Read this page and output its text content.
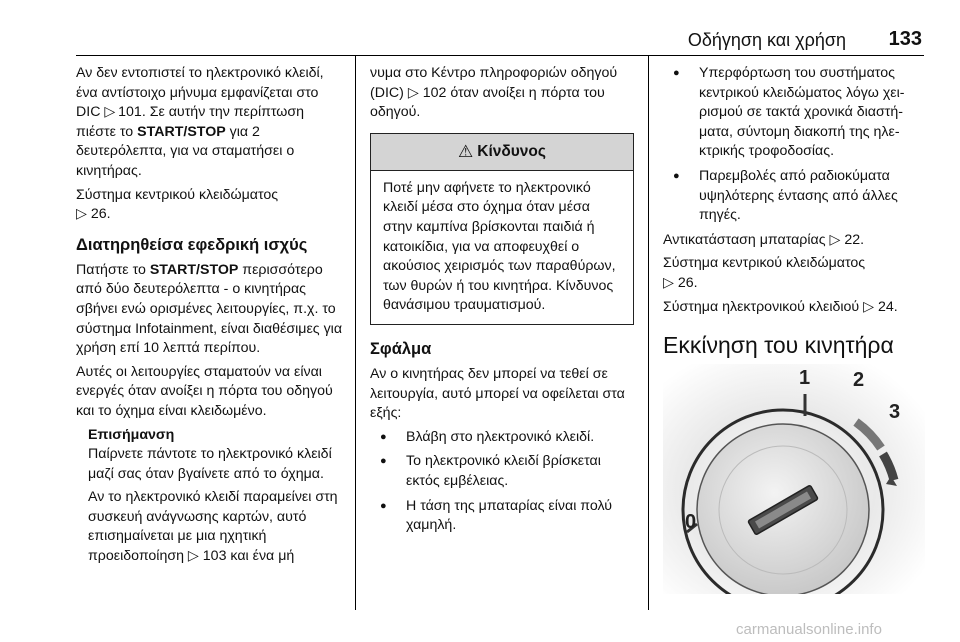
Οδήγηση και χρήση 133

Αν δεν εντοπιστεί το ηλεκτρονικό κλειδί, ένα αντίστοιχο μήνυμα εμφανίζεται στο DIC ▷  101. Σε αυτήν την περίπτωση πιέστε το START/STOP για 2 δευτερόλεπτα, για να σταματήσει ο κινητήρας.

Σύστημα κεντρικού κλειδώματος
▷ 26.

Διατηρηθείσα εφεδρική ισχύς

Πατήστε το START/STOP περισσότερο από δύο δευτερόλεπτα - ο κινητήρας σβήνει ενώ ορισμένες λειτουργίες, π.χ. το σύστημα Infotainment, είναι διαθέσιμες για χρήση επί 10 λεπτά περίπου.

Αυτές οι λειτουργίες σταματούν να είναι ενεργές όταν ανοίξει η πόρτα του οδηγού και το όχημα είναι κλειδωμένο.

Επισήμανση

Παίρνετε πάντοτε το ηλεκτρονικό κλειδί μαζί σας όταν βγαίνετε από το όχημα.

Αν το ηλεκτρονικό κλειδί παραμείνει στη συσκευή ανάγνωσης καρτών, αυτό επισημαίνεται με μια ηχητική προειδοποίηση ▷ 103 και ένα μή

νυμα στο Κέντρο πληροφοριών οδηγού (DIC) ▷ 102 όταν ανοίξει η πόρτα του οδηγού.

⚠ Κίνδυνος
Ποτέ μην αφήνετε το ηλεκτρονικό κλειδί μέσα στο όχημα όταν μέσα στην καμπίνα βρίσκονται παιδιά ή κατοικίδια, για να αποφευχθεί ο ακούσιος χειρισμός των παραθύρων, των θυρών ή του κινητήρα. Κίνδυνος θανάσιμου τραυματισμού.
Σφάλμα

Αν ο κινητήρας δεν μπορεί να τεθεί σε λειτουργία, αυτό μπορεί να οφείλεται στα εξής:

● Βλάβη στο ηλεκτρονικό κλειδί.
● Το ηλεκτρονικό κλειδί βρίσκεται εκτός εμβέλειας.
● Η τάση της μπαταρίας είναι πολύ χαμηλή.
● Υπερφόρτωση του συστήματος κεντρικού κλειδώματος λόγω χειρισμού σε τακτά χρονικά διαστήματα, σύντομη διακοπή της ηλεκτρικής τροφοδοσίας.
● Παρεμβολές από ραδιοκύματα υψηλότερης έντασης από άλλες πηγές.

Αντικατάσταση μπαταρίας ▷ 22.

Σύστημα κεντρικού κλειδώματος
▷ 26.

Σύστημα ηλεκτρονικού κλειδιού ▷ 24.

Εκκίνηση του κινητήρα
1 2
3
0
carmanualsonline.info
